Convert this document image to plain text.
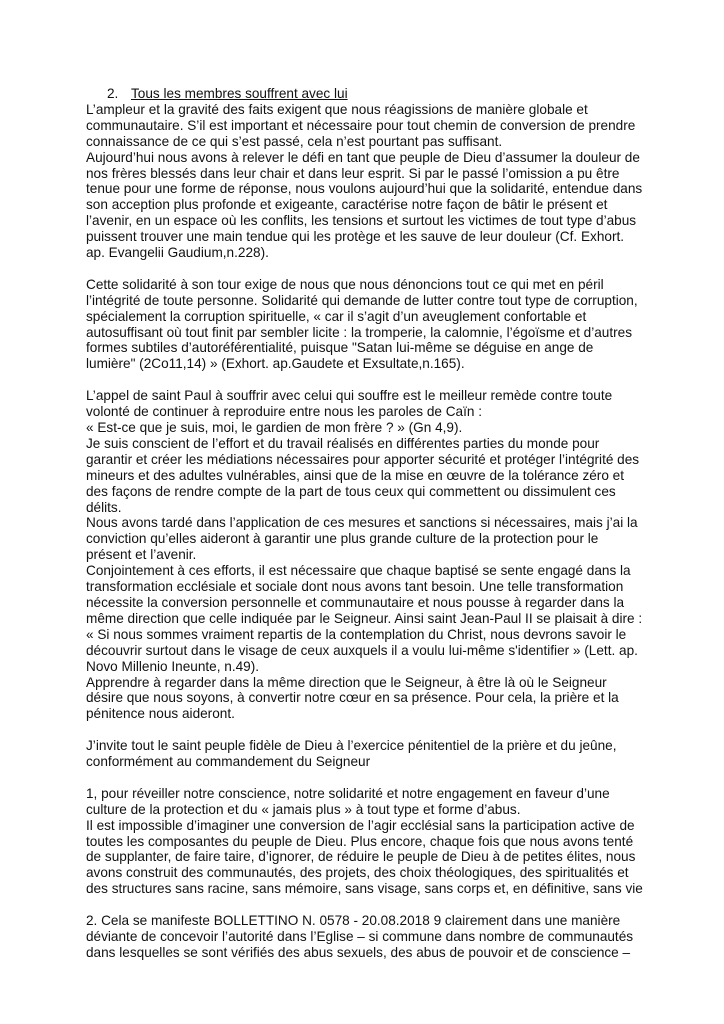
2. Tous les membres souffrent avec lui

L’ampleur et la gravité des faits exigent que nous réagissions de manière globale et communautaire. S’il est important et nécessaire pour tout chemin de conversion de prendre connaissance de ce qui s’est passé, cela n’est pourtant pas suffisant.

Aujourd’hui nous avons à relever le défi en tant que peuple de Dieu d’assumer la douleur de nos frères blessés dans leur chair et dans leur esprit. Si par le passé l’omission a pu être tenue pour une forme de réponse, nous voulons aujourd’hui que la solidarité, entendue dans son acception plus profonde et exigeante, caractérise notre façon de bâtir le présent et l’avenir, en un espace où les conflits, les tensions et surtout les victimes de tout type d’abus puissent trouver une main tendue qui les protège et les sauve de leur douleur (Cf. Exhort. ap. Evangelii Gaudium,n.228).

Cette solidarité à son tour exige de nous que nous dénoncions tout ce qui met en péril l’intégrité de toute personne. Solidarité qui demande de lutter contre tout type de corruption, spécialement la corruption spirituelle, « car il s’agit d’un aveuglement confortable et autosuffisant où tout finit par sembler licite : la tromperie, la calomnie, l’égoïsme et d’autres formes subtiles d’autoréférentialité, puisque "Satan lui-même se déguise en ange de lumière" (2Co11,14) » (Exhort. ap.Gaudete et Exsultate,n.165).

L’appel de saint Paul à souffrir avec celui qui souffre est le meilleur remède contre toute volonté de continuer à reproduire entre nous les paroles de Caïn :

« Est-ce que je suis, moi, le gardien de mon frère ? » (Gn 4,9).

Je suis conscient de l’effort et du travail réalisés en différentes parties du monde pour garantir et créer les médiations nécessaires pour apporter sécurité et protéger l’intégrité des mineurs et des adultes vulnérables, ainsi que de la mise en œuvre de la tolérance zéro et des façons de rendre compte de la part de tous ceux qui commettent ou dissimulent ces délits.

Nous avons tardé dans l’application de ces mesures et sanctions si nécessaires, mais j’ai la conviction qu’elles aideront à garantir une plus grande culture de la protection pour le présent et l’avenir.

Conjointement à ces efforts, il est nécessaire que chaque baptisé se sente engagé dans la transformation ecclésiale et sociale dont nous avons tant besoin. Une telle transformation nécessite la conversion personnelle et communautaire et nous pousse à regarder dans la même direction que celle indiquée par le Seigneur. Ainsi saint Jean-Paul II se plaisait à dire : « Si nous sommes vraiment repartis de la contemplation du Christ, nous devrons savoir le découvrir surtout dans le visage de ceux auxquels il a voulu lui-même s'identifier » (Lett. ap. Novo Millenio Ineunte, n.49).

Apprendre à regarder dans la même direction que le Seigneur, à être là où le Seigneur désire que nous soyons, à convertir notre cœur en sa présence. Pour cela, la prière et la pénitence nous aideront.

J’invite tout le saint peuple fidèle de Dieu à l’exercice pénitentiel de la prière et du jeûne, conformément au commandement du Seigneur

1, pour réveiller notre conscience, notre solidarité et notre engagement en faveur d’une culture de la protection et du « jamais plus » à tout type et forme d’abus.

Il est impossible d’imaginer une conversion de l’agir ecclésial sans la participation active de toutes les composantes du peuple de Dieu. Plus encore, chaque fois que nous avons tenté de supplanter, de faire taire, d’ignorer, de réduire le peuple de Dieu à de petites élites, nous avons construit des communautés, des projets, des choix théologiques, des spiritualités et des structures sans racine, sans mémoire, sans visage, sans corps et, en définitive, sans vie

2. Cela se manifeste BOLLETTINO N. 0578 - 20.08.2018 9 clairement dans une manière déviante de concevoir l’autorité dans l’Eglise – si commune dans nombre de communautés dans lesquelles se sont vérifiés des abus sexuels, des abus de pouvoir et de conscience –
